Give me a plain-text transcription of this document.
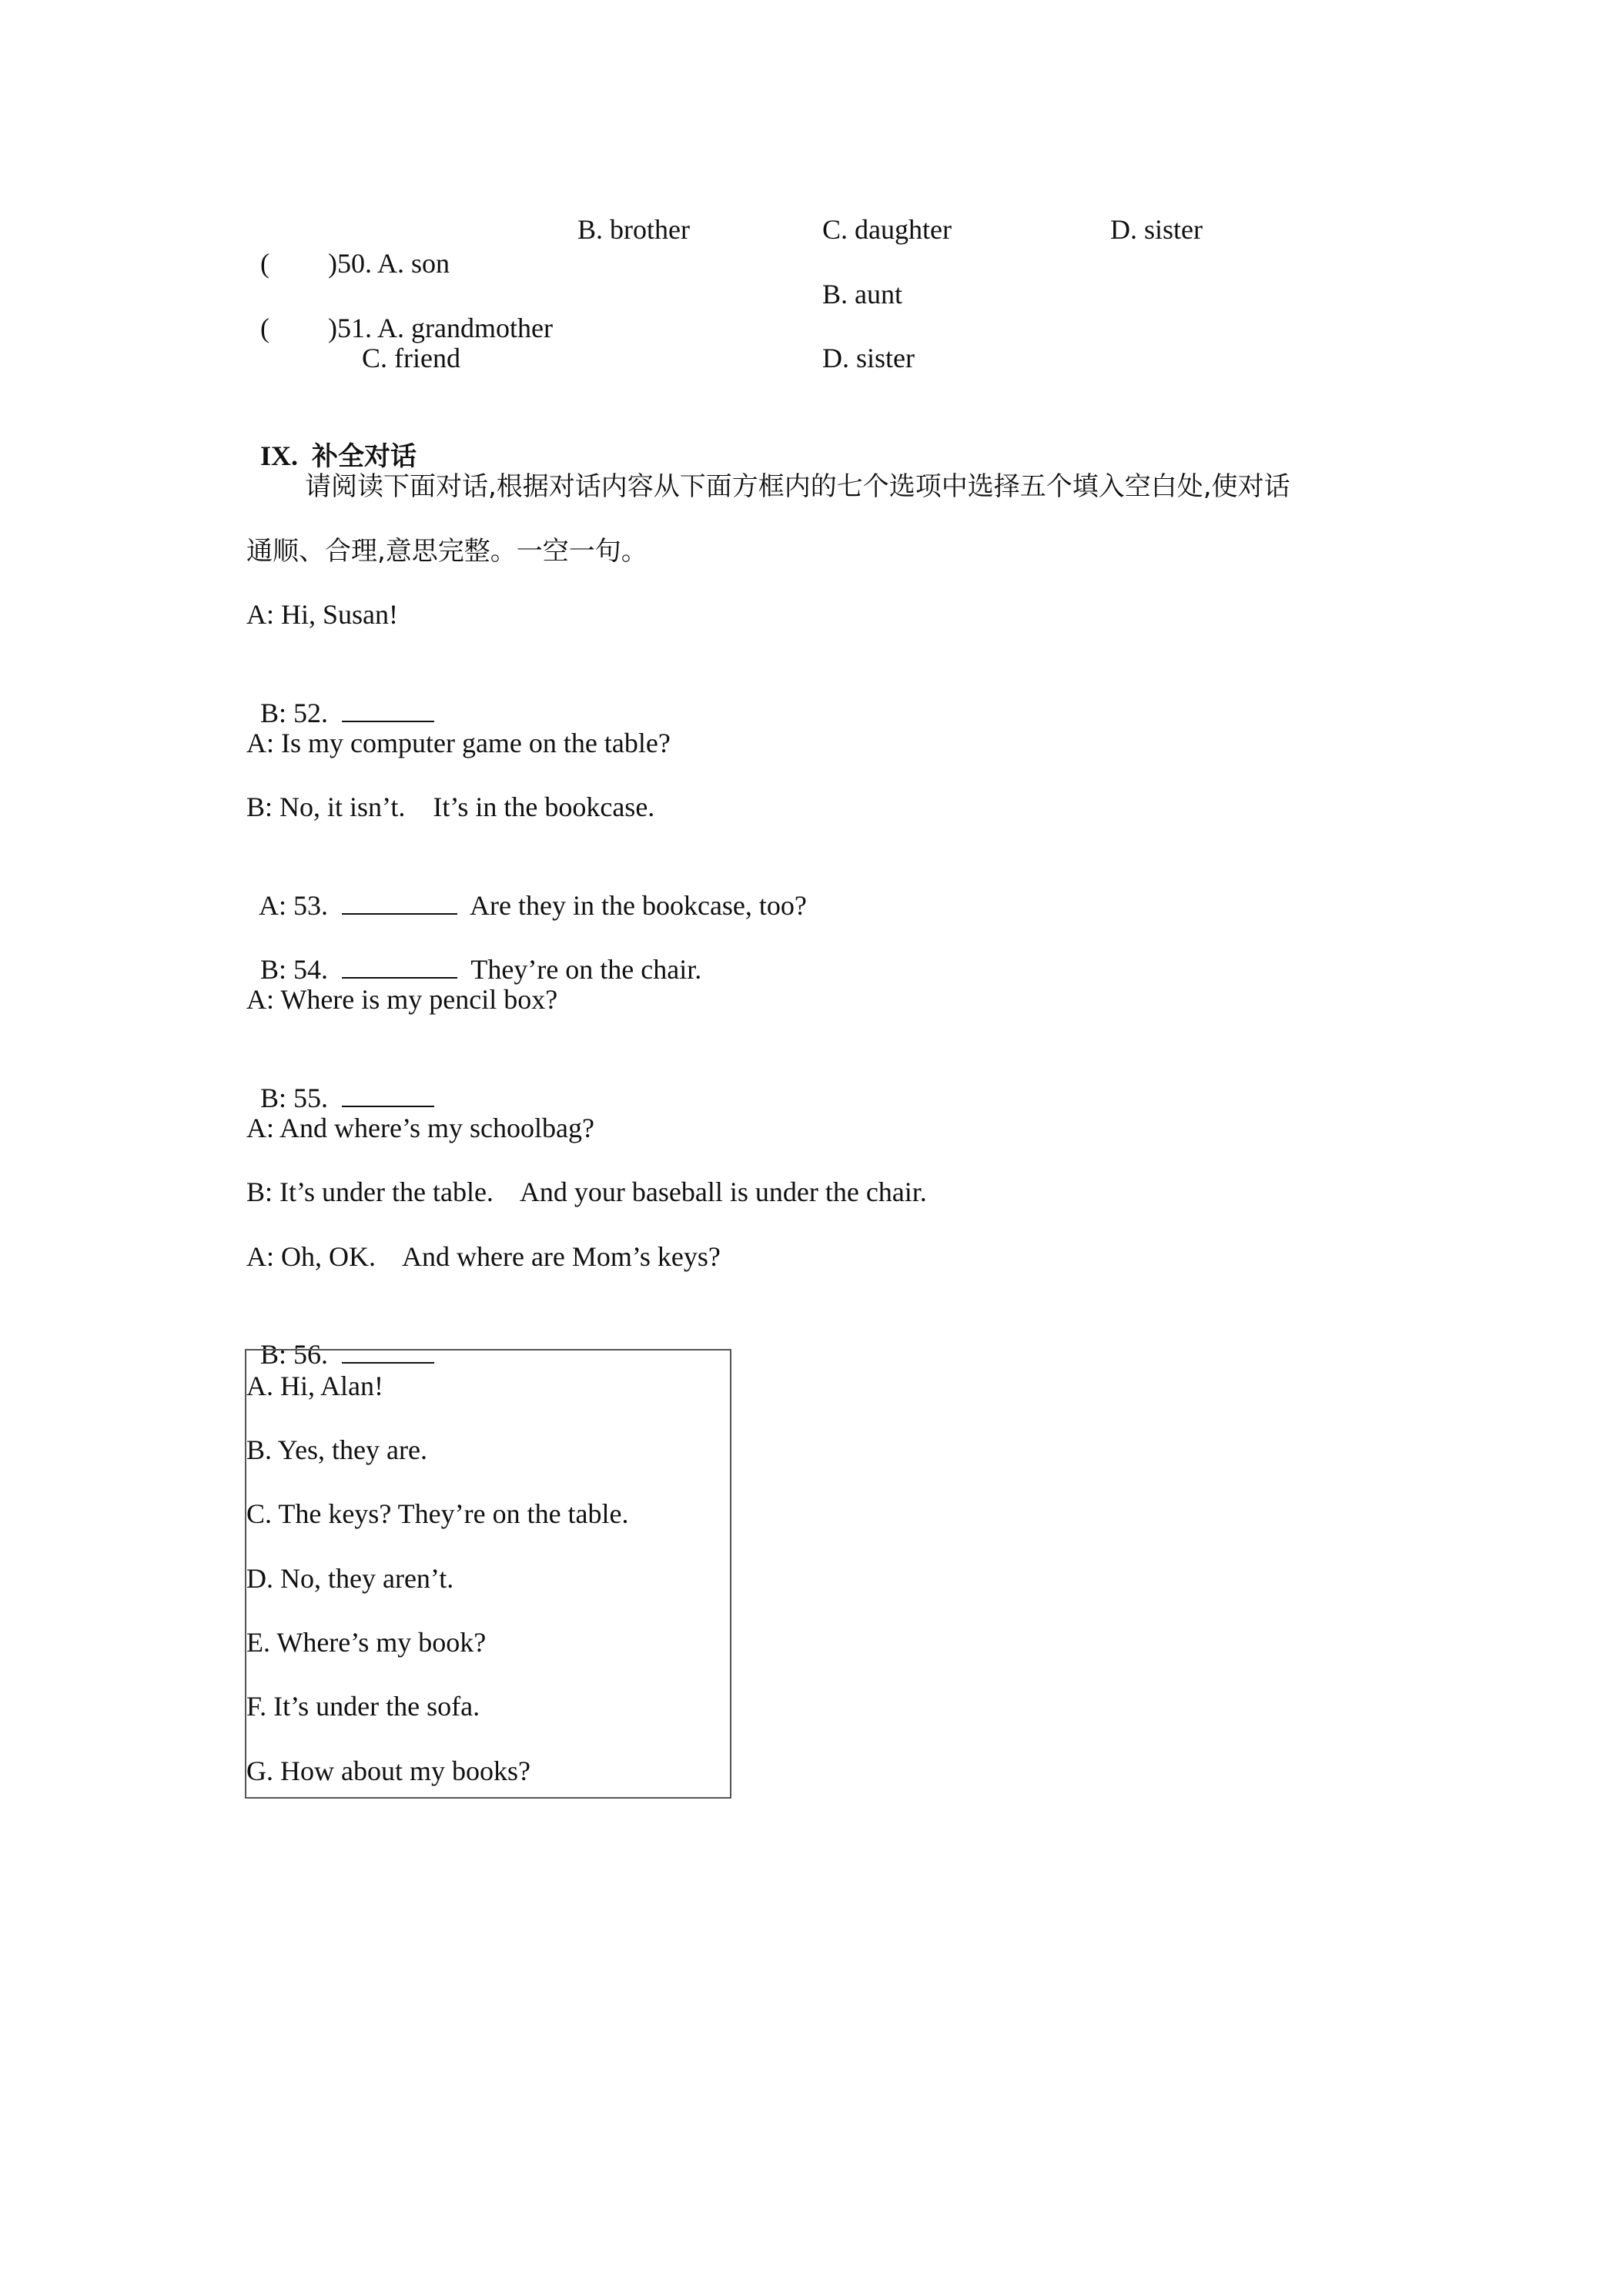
( )50. A. son

B. brother	C. daughter	D. sister

( )51. A. grandmother

B. aunt
C. friend	D. sister

IX. 补全对话

请阅读下面对话,根据对话内容从下面方框内的七个选项中选择五个填入空白处,使对话
通顺、合理,意思完整。一空一句。
A: Hi, Susan!

B: 52.

A: Is my computer game on the table?
B: No, it isn’t.    It’s in the bookcase.

A: 53.	Are they in the bookcase, too?

B: 54.	They’re on the chair.

A: Where is my pencil box?

B: 55.

A: And where’s my schoolbag?
B: It’s under the table.    And your baseball is under the chair.
A: Oh, OK.    And where are Mom’s keys?

B: 56.

A. Hi, Alan!
B. Yes, they are.
C. The keys? They’re on the table.
D. No, they aren’t.
E. Where’s my book?
F. It’s under the sofa.
G. How about my books?
